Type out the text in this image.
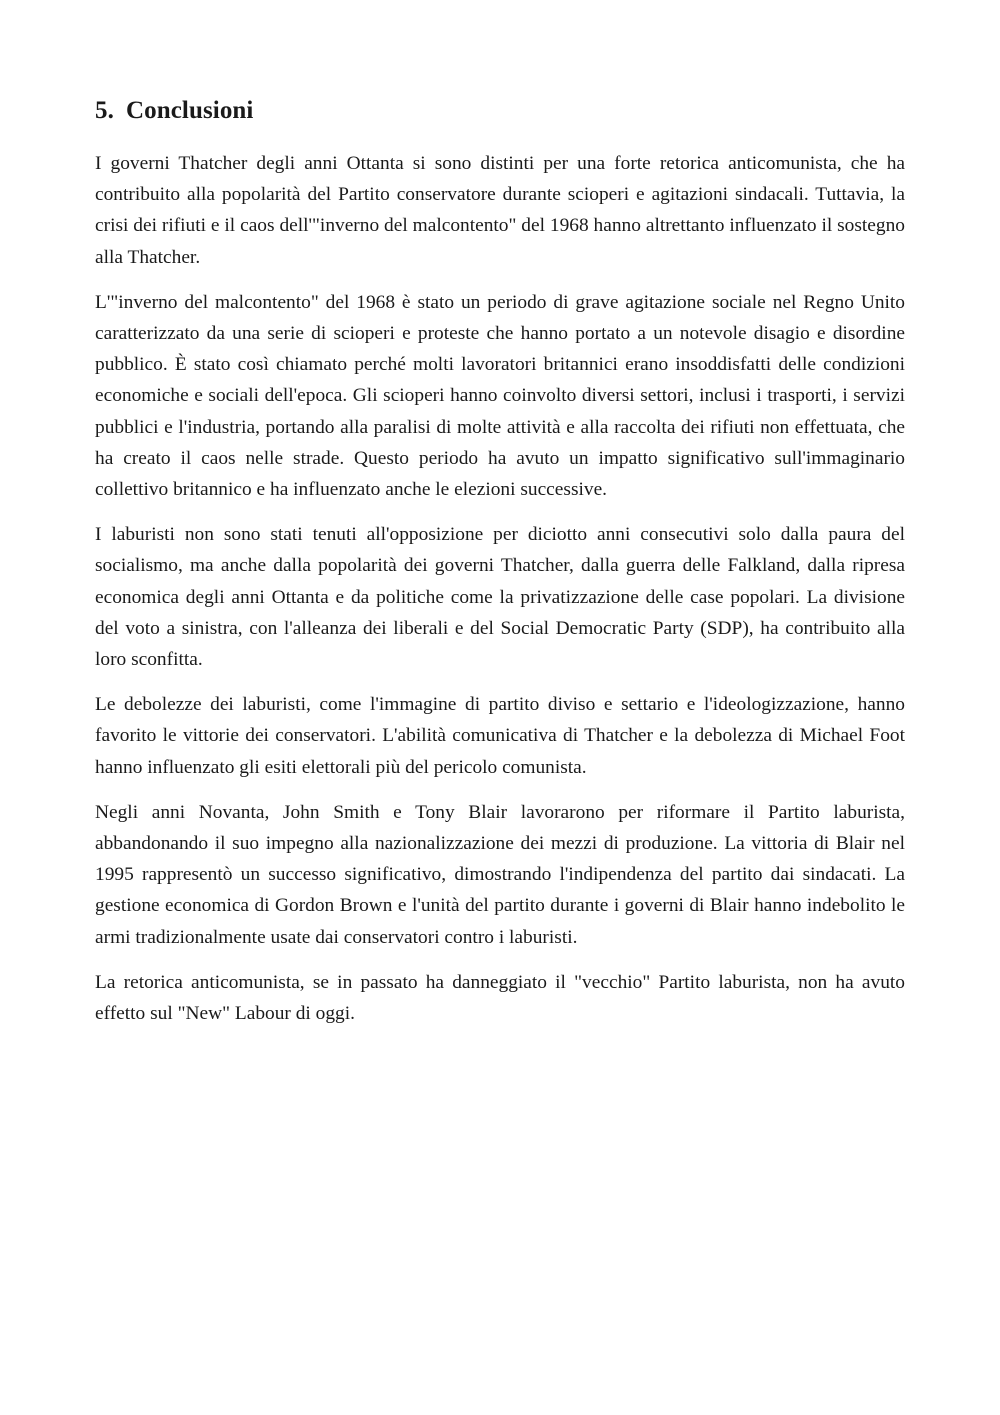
5. Conclusioni

I governi Thatcher degli anni Ottanta si sono distinti per una forte retorica anticomunista, che ha contribuito alla popolarità del Partito conservatore durante scioperi e agitazioni sindacali. Tuttavia, la crisi dei rifiuti e il caos dell'"inverno del malcontento" del 1968 hanno altrettanto influenzato il sostegno alla Thatcher.

L'"inverno del malcontento" del 1968 è stato un periodo di grave agitazione sociale nel Regno Unito caratterizzato da una serie di scioperi e proteste che hanno portato a un notevole disagio e disordine pubblico. È stato così chiamato perché molti lavoratori britannici erano insoddisfatti delle condizioni economiche e sociali dell'epoca. Gli scioperi hanno coinvolto diversi settori, inclusi i trasporti, i servizi pubblici e l'industria, portando alla paralisi di molte attività e alla raccolta dei rifiuti non effettuata, che ha creato il caos nelle strade. Questo periodo ha avuto un impatto significativo sull'immaginario collettivo britannico e ha influenzato anche le elezioni successive.

I laburisti non sono stati tenuti all'opposizione per diciotto anni consecutivi solo dalla paura del socialismo, ma anche dalla popolarità dei governi Thatcher, dalla guerra delle Falkland, dalla ripresa economica degli anni Ottanta e da politiche come la privatizzazione delle case popolari. La divisione del voto a sinistra, con l'alleanza dei liberali e del Social Democratic Party (SDP), ha contribuito alla loro sconfitta.

Le debolezze dei laburisti, come l'immagine di partito diviso e settario e l'ideologizzazione, hanno favorito le vittorie dei conservatori. L'abilità comunicativa di Thatcher e la debolezza di Michael Foot hanno influenzato gli esiti elettorali più del pericolo comunista.

Negli anni Novanta, John Smith e Tony Blair lavorarono per riformare il Partito laburista, abbandonando il suo impegno alla nazionalizzazione dei mezzi di produzione. La vittoria di Blair nel 1995 rappresentò un successo significativo, dimostrando l'indipendenza del partito dai sindacati. La gestione economica di Gordon Brown e l'unità del partito durante i governi di Blair hanno indebolito le armi tradizionalmente usate dai conservatori contro i laburisti.

La retorica anticomunista, se in passato ha danneggiato il "vecchio" Partito laburista, non ha avuto effetto sul "New" Labour di oggi.
